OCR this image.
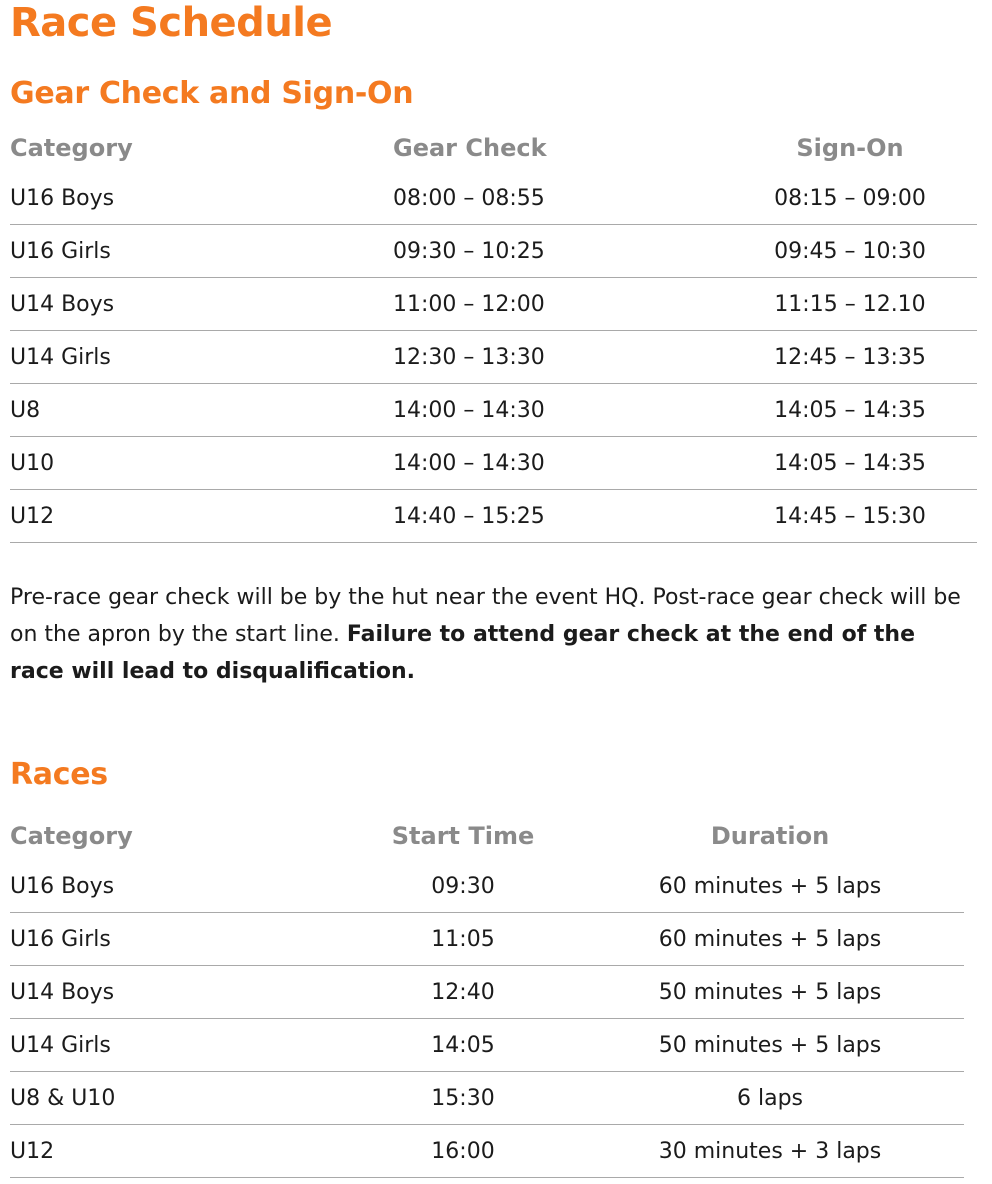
Race Schedule
Gear Check and Sign-On
Category	Gear Check	Sign-On
U16 Boys	08:00 – 08:55	08:15 – 09:00
U16 Girls	09:30 – 10:25	09:45 – 10:30
U14 Boys	11:00 – 12:00	11:15 – 12.10
U14 Girls	12:30 – 13:30	12:45 – 13:35
U8	14:00 – 14:30	14:05 – 14:35
U10	14:00 – 14:30	14:05 – 14:35
U12	14:40 – 15:25	14:45 – 15:30

Pre-race gear check will be by the hut near the event HQ. Post-race gear check will be on the apron by the start line. Failure to attend gear check at the end of the race will lead to disqualification.

Races
Category	Start Time	Duration
U16 Boys	09:30	60 minutes + 5 laps
U16 Girls	11:05	60 minutes + 5 laps
U14 Boys	12:40	50 minutes + 5 laps
U14 Girls	14:05	50 minutes + 5 laps
U8 & U10	15:30	6 laps
U12	16:00	30 minutes + 3 laps
